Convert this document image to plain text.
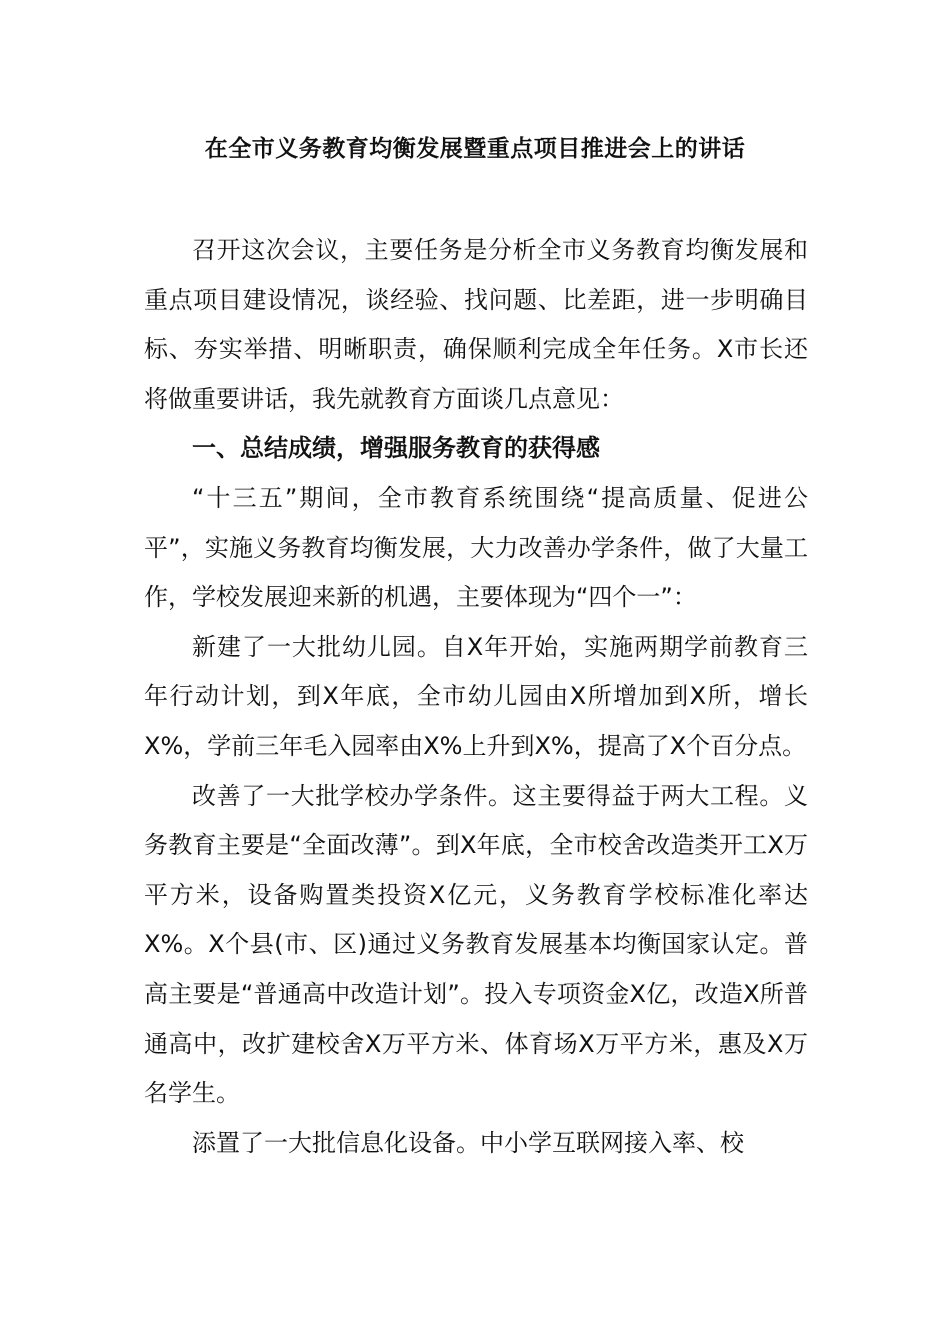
在全市义务教育均衡发展暨重点项目推进会上的讲话

召开这次会议，主要任务是分析全市义务教育均衡发展和重点项目建设情况，谈经验、找问题、比差距，进一步明确目标、夯实举措、明晰职责，确保顺利完成全年任务。X市长还将做重要讲话，我先就教育方面谈几点意见：

一、总结成绩，增强服务教育的获得感

“十三五”期间，全市教育系统围绕“提高质量、促进公平”，实施义务教育均衡发展，大力改善办学条件，做了大量工作，学校发展迎来新的机遇，主要体现为“四个一”：

新建了一大批幼儿园。自X年开始，实施两期学前教育三年行动计划，到X年底，全市幼儿园由X所增加到X所，增长X%，学前三年毛入园率由X%上升到X%，提高了X个百分点。

改善了一大批学校办学条件。这主要得益于两大工程。义务教育主要是“全面改薄”。到X年底，全市校舍改造类开工X万平方米，设备购置类投资X亿元，义务教育学校标准化率达X%。X个县(市、区)通过义务教育发展基本均衡国家认定。普高主要是“普通高中改造计划”。投入专项资金X亿，改造X所普通高中，改扩建校舍X万平方米、体育场X万平方米，惠及X万名学生。

添置了一大批信息化设备。中小学互联网接入率、校
